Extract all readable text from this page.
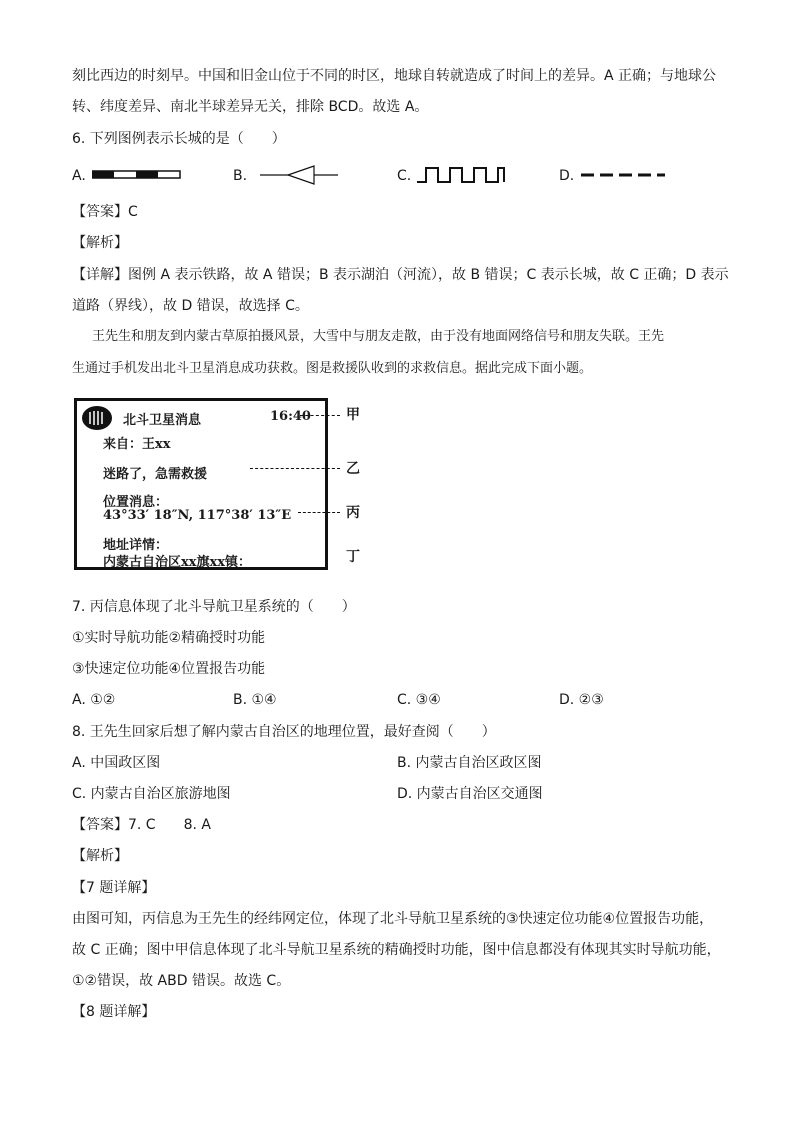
刻比西边的时刻早。中国和旧金山位于不同的时区，地球自转就造成了时间上的差异。A 正确；与地球公
转、纬度差异、南北半球差异无关，排除 BCD。故选 A。
6. 下列图例表示长城的是（　　）
A.	B.	C.	D.
【答案】C
【解析】
【详解】图例 A 表示铁路，故 A 错误；B 表示湖泊（河流），故 B 错误；C 表示长城，故 C 正确；D 表示
道路（界线），故 D 错误，故选择 C。
王先生和朋友到内蒙古草原拍摄风景，大雪中与朋友走散，由于没有地面网络信号和朋友失联。王先
生通过手机发出北斗卫星消息成功获救。图是救援队收到的求救信息。据此完成下面小题。
北斗卫星消息	16:40
来自：王xx
迷路了，急需救援
位置消息：
43°33′ 18″N, 117°38′ 13″E
地址详情：
内蒙古自治区xx旗xx镇：
甲
乙
丙
丁
7. 丙信息体现了北斗导航卫星系统的（　　）
①实时导航功能②精确授时功能
③快速定位功能④位置报告功能
A. ①②	B. ①④	C. ③④	D. ②③
8. 王先生回家后想了解内蒙古自治区的地理位置，最好查阅（　　）
A. 中国政区图	B. 内蒙古自治区政区图
C. 内蒙古自治区旅游地图	D. 内蒙古自治区交通图
【答案】7. C　　8. A
【解析】
【7 题详解】
由图可知，丙信息为王先生的经纬网定位，体现了北斗导航卫星系统的③快速定位功能④位置报告功能，
故 C 正确；图中甲信息体现了北斗导航卫星系统的精确授时功能，图中信息都没有体现其实时导航功能，
①②错误，故 ABD 错误。故选 C。
【8 题详解】
